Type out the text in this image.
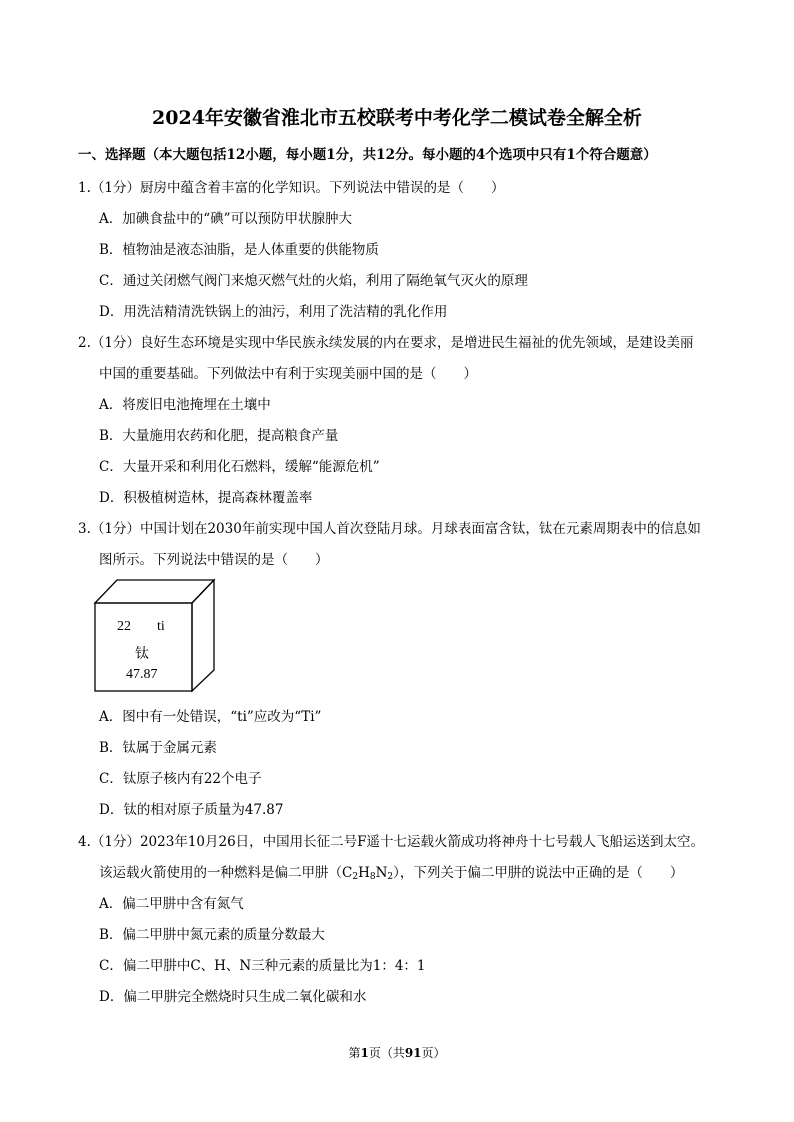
2024年安徽省淮北市五校联考中考化学二模试卷全解全析
一、选择题（本大题包括12小题，每小题1分，共12分。每小题的4个选项中只有1个符合题意）
1.（1分）厨房中蕴含着丰富的化学知识。下列说法中错误的是（　　）
A．加碘食盐中的“碘”可以预防甲状腺肿大
B．植物油是液态油脂，是人体重要的供能物质
C．通过关闭燃气阀门来熄灭燃气灶的火焰，利用了隔绝氧气灭火的原理
D．用洗洁精清洗铁锅上的油污，利用了洗洁精的乳化作用
2.（1分）良好生态环境是实现中华民族永续发展的内在要求，是增进民生福祉的优先领域，是建设美丽
中国的重要基础。下列做法中有利于实现美丽中国的是（　　）
A．将废旧电池掩埋在土壤中
B．大量施用农药和化肥，提高粮食产量
C．大量开采和利用化石燃料，缓解“能源危机”
D．积极植树造林，提高森林覆盖率
3.（1分）中国计划在2030年前实现中国人首次登陆月球。月球表面富含钛，钛在元素周期表中的信息如
图所示。下列说法中错误的是（　　）
22 ti
钛
47.87
A．图中有一处错误，“ti”应改为“Ti”
B．钛属于金属元素
C．钛原子核内有22个电子
D．钛的相对原子质量为47.87
4.（1分）2023年10月26日，中国用长征二号F遥十七运载火箭成功将神舟十七号载人飞船运送到太空。
该运载火箭使用的一种燃料是偏二甲肼$(C_2H_8N_2)$，下列关于偏二甲肼的说法中正确的是（　　）
A．偏二甲肼中含有氮气
B．偏二甲肼中氮元素的质量分数最大
C．偏二甲肼中C、H、N三种元素的质量比为1：4：1
D．偏二甲肼完全燃烧时只生成二氧化碳和水
第1页（共91页）
